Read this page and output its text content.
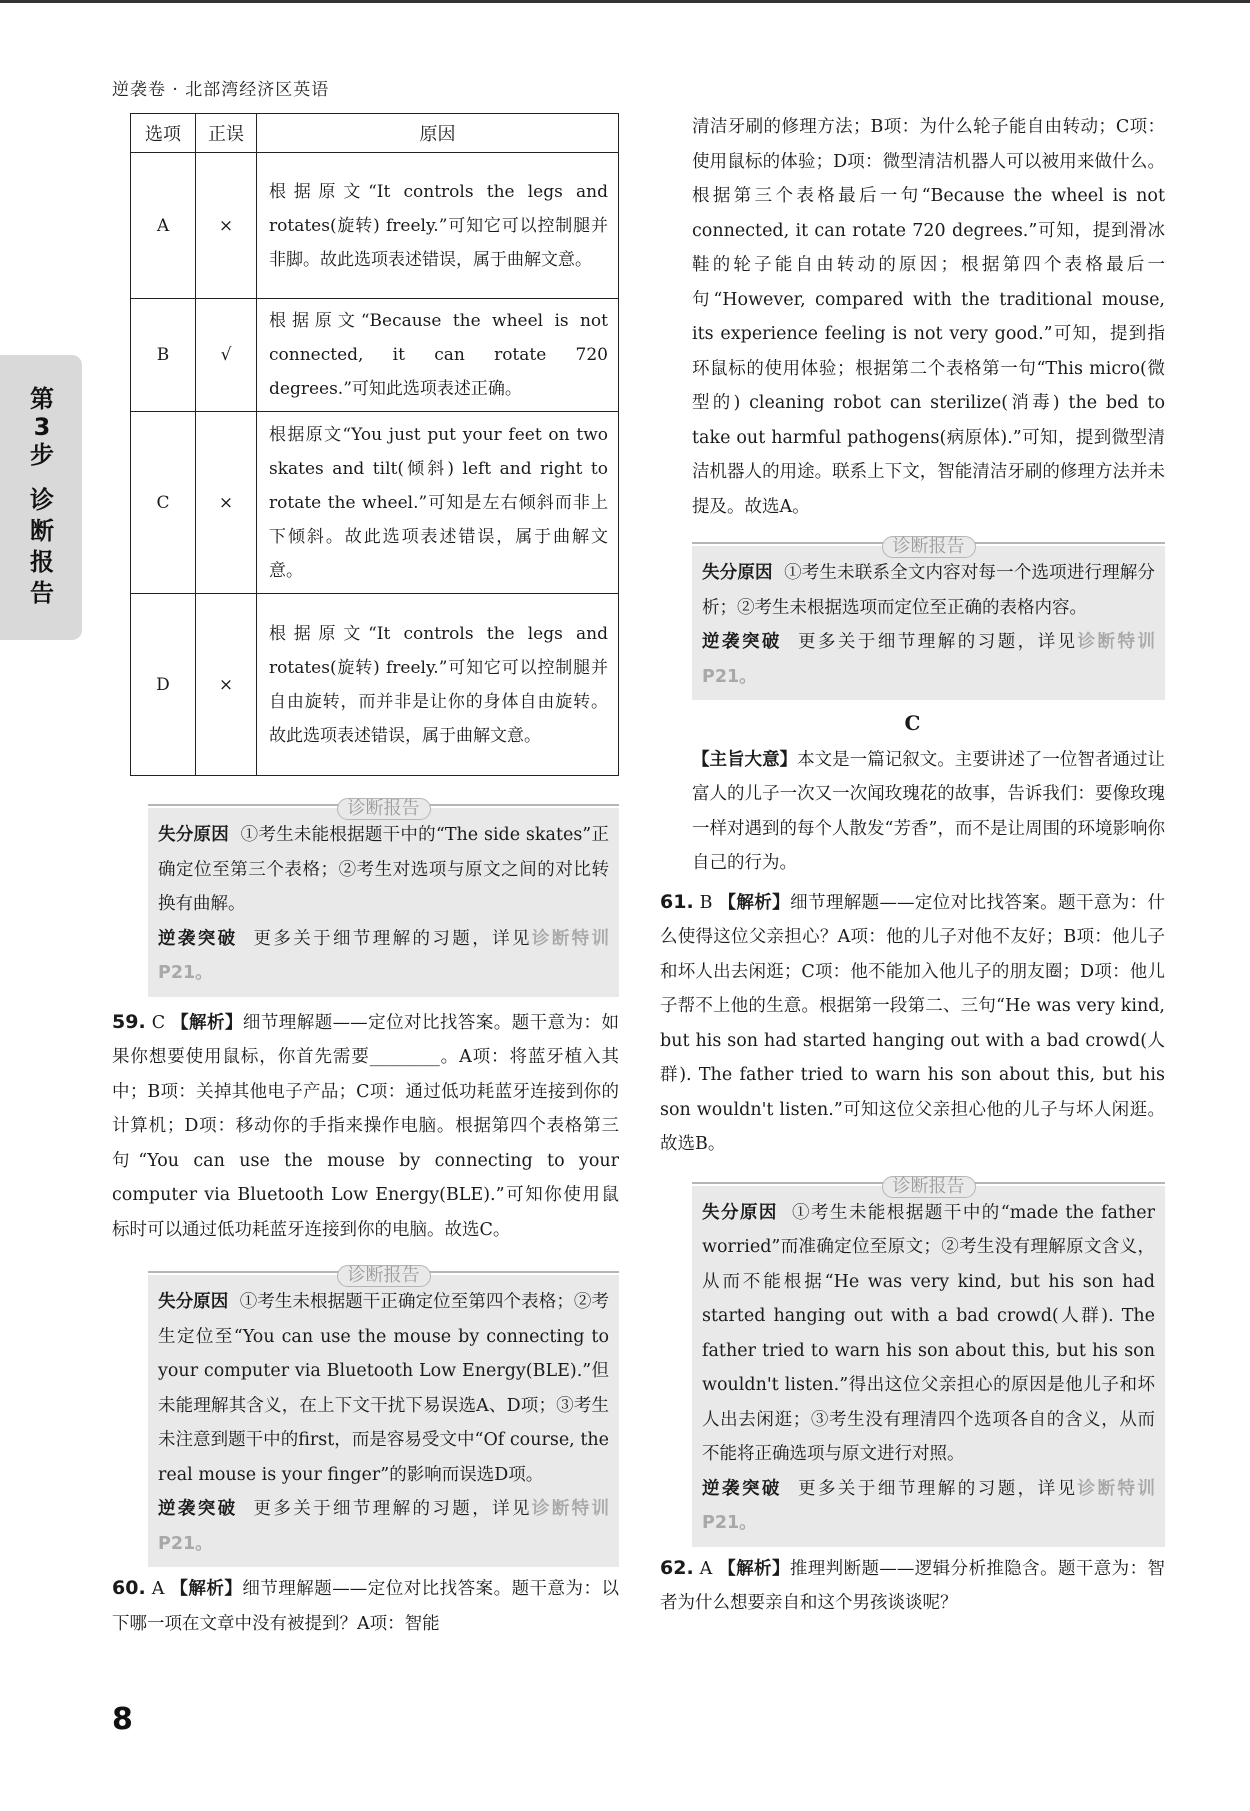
逆袭卷 · 北部湾经济区英语
第3步
诊断报告
选项	正误	原因
A	×	根据原文“It controls the legs and rotates(旋转) freely.”可知它可以控制腿并非脚。故此选项表述错误，属于曲解文意。
B	√	根据原文“Because the wheel is not connected, it can rotate 720 degrees.”可知此选项表述正确。
C	×	根据原文“You just put your feet on two skates and tilt(倾斜) left and right to rotate the wheel.”可知是左右倾斜而非上下倾斜。故此选项表述错误，属于曲解文意。
D	×	根据原文“It controls the legs and rotates(旋转) freely.”可知它可以控制腿并自由旋转，而并非是让你的身体自由旋转。故此选项表述错误，属于曲解文意。
诊断报告

失分原因 ①考生未能根据题干中的“The side skates”正确定位至第三个表格；②考生对选项与原文之间的对比转换有曲解。

逆袭突破 更多关于细节理解的习题，详见诊断特训 P21。

59. C 【解析】细节理解题——定位对比找答案。题干意为：如果你想要使用鼠标，你首先需要________。A项：将蓝牙植入其中；B项：关掉其他电子产品；C项：通过低功耗蓝牙连接到你的计算机；D项：移动你的手指来操作电脑。根据第四个表格第三句“You can use the mouse by connecting to your computer via Bluetooth Low Energy(BLE).”可知你使用鼠标时可以通过低功耗蓝牙连接到你的电脑。故选C。

诊断报告

失分原因 ①考生未根据题干正确定位至第四个表格；②考生定位至“You can use the mouse by connecting to your computer via Bluetooth Low Energy(BLE).”但未能理解其含义，在上下文干扰下易误选A、D项；③考生未注意到题干中的first，而是容易受文中“Of course, the real mouse is your finger”的影响而误选D项。

逆袭突破 更多关于细节理解的习题，详见诊断特训 P21。

60. A 【解析】细节理解题——定位对比找答案。题干意为：以下哪一项在文章中没有被提到？A项：智能

清洁牙刷的修理方法；B项：为什么轮子能自由转动；C项：使用鼠标的体验；D项：微型清洁机器人可以被用来做什么。根据第三个表格最后一句“Because the wheel is not connected, it can rotate 720 degrees.”可知，提到滑冰鞋的轮子能自由转动的原因；根据第四个表格最后一句“However, compared with the traditional mouse, its experience feeling is not very good.”可知，提到指环鼠标的使用体验；根据第二个表格第一句“This micro(微型的) cleaning robot can sterilize(消毒) the bed to take out harmful pathogens(病原体).”可知，提到微型清洁机器人的用途。联系上下文，智能清洁牙刷的修理方法并未提及。故选A。

诊断报告

失分原因 ①考生未联系全文内容对每一个选项进行理解分析；②考生未根据选项而定位至正确的表格内容。

逆袭突破 更多关于细节理解的习题，详见诊断特训 P21。

C

【主旨大意】本文是一篇记叙文。主要讲述了一位智者通过让富人的儿子一次又一次闻玫瑰花的故事，告诉我们：要像玫瑰一样对遇到的每个人散发“芳香”，而不是让周围的环境影响你自己的行为。

61. B 【解析】细节理解题——定位对比找答案。题干意为：什么使得这位父亲担心？A项：他的儿子对他不友好；B项：他儿子和坏人出去闲逛；C项：他不能加入他儿子的朋友圈；D项：他儿子帮不上他的生意。根据第一段第二、三句“He was very kind, but his son had started hanging out with a bad crowd(人群). The father tried to warn his son about this, but his son wouldn't listen.”可知这位父亲担心他的儿子与坏人闲逛。故选B。

诊断报告

失分原因 ①考生未能根据题干中的“made the father worried”而准确定位至原文；②考生没有理解原文含义，从而不能根据“He was very kind, but his son had started hanging out with a bad crowd(人群). The father tried to warn his son about this, but his son wouldn't listen.”得出这位父亲担心的原因是他儿子和坏人出去闲逛；③考生没有理清四个选项各自的含义，从而不能将正确选项与原文进行对照。

逆袭突破 更多关于细节理解的习题，详见诊断特训 P21。

62. A 【解析】推理判断题——逻辑分析推隐含。题干意为：智者为什么想要亲自和这个男孩谈谈呢？

8
